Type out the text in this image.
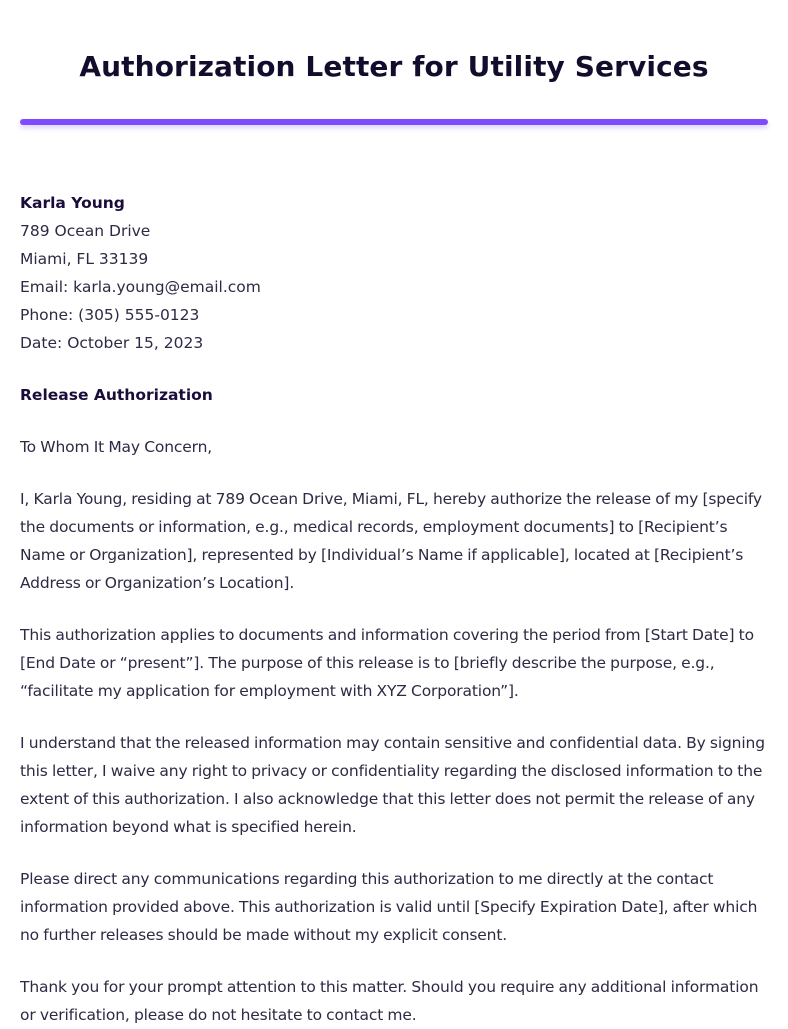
Authorization Letter for Utility Services
Karla Young
789 Ocean Drive
Miami, FL 33139
Email: karla.young@email.com
Phone: (305) 555-0123
Date: October 15, 2023
Release Authorization

To Whom It May Concern,

I, Karla Young, residing at 789 Ocean Drive, Miami, FL, hereby authorize the release of my [specify the documents or information, e.g., medical records, employment documents] to [Recipient’s Name or Organization], represented by [Individual’s Name if applicable], located at [Recipient’s Address or Organization’s Location].

This authorization applies to documents and information covering the period from [Start Date] to [End Date or “present”]. The purpose of this release is to [briefly describe the purpose, e.g., “facilitate my application for employment with XYZ Corporation”].

I understand that the released information may contain sensitive and confidential data. By signing this letter, I waive any right to privacy or confidentiality regarding the disclosed information to the extent of this authorization. I also acknowledge that this letter does not permit the release of any information beyond what is specified herein.

Please direct any communications regarding this authorization to me directly at the contact information provided above. This authorization is valid until [Specify Expiration Date], after which no further releases should be made without my explicit consent.

Thank you for your prompt attention to this matter. Should you require any additional information or verification, please do not hesitate to contact me.
